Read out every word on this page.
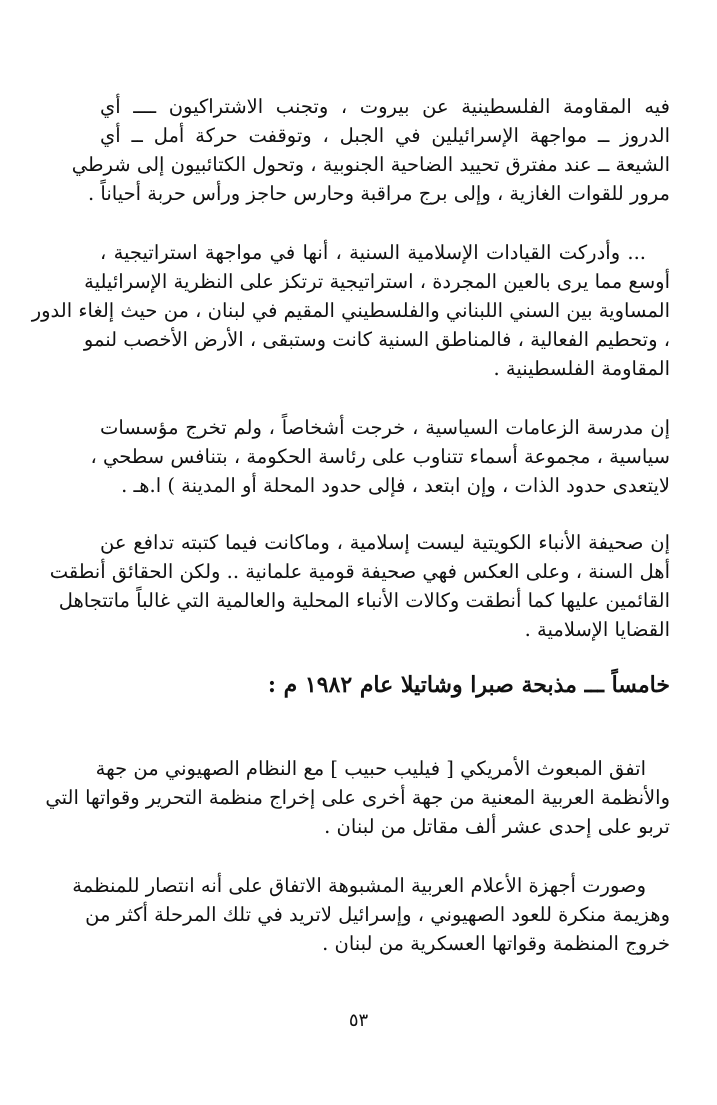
فيه المقاومة الفلسطينية عن بيروت ، وتجنب الاشتراكيون ــــ أي
الدروز ــ مواجهة الإسرائيلين في الجبل ، وتوقفت حركة أمل ــ أي
الشيعة ــ عند مفترق تحييد الضاحية الجنوبية ، وتحول الكتائبيون إلى شرطي
مرور للقوات الغازية ، وإلى برج مراقبة وحارس حاجز ورأس حربة أحياناً .
... وأدركت القيادات الإسلامية السنية ، أنها في مواجهة استراتيجية ،
أوسع مما يرى بالعين المجردة ، استراتيجية ترتكز على النظرية الإسرائيلية
المساوية بين السني اللبناني والفلسطيني المقيم في لبنان ، من حيث إلغاء الدور
، وتحطيم الفعالية ، فالمناطق السنية كانت وستبقى ، الأرض الأخصب لنمو
المقاومة الفلسطينية .
إن مدرسة الزعامات السياسية ، خرجت أشخاصاً ، ولم تخرج مؤسسات
سياسية ، مجموعة أسماء تتناوب على رئاسة الحكومة ، بتنافس سطحي ،
لايتعدى حدود الذات ، وإن ابتعد ، فإلى حدود المحلة أو المدينة ) ا.هـ .
إن صحيفة الأنباء الكويتية ليست إسلامية ، وماكانت فيما كتبته تدافع عن
أهل السنة ، وعلى العكس فهي صحيفة قومية علمانية .. ولكن الحقائق أنطقت
القائمين عليها كما أنطقت وكالات الأنباء المحلية والعالمية التي غالباً ماتتجاهل
القضايا الإسلامية .
خامساً ـــ مذبحة صبرا وشاتيلا عام ١٩٨٢ م :
اتفق المبعوث الأمريكي [ فيليب حبيب ] مع النظام الصهيوني من جهة
والأنظمة العربية المعنية من جهة أخرى على إخراج منظمة التحرير وقواتها التي
تربو على إحدى عشر ألف مقاتل من لبنان .
وصورت أجهزة الأعلام العربية المشبوهة الاتفاق على أنه انتصار للمنظمة
وهزيمة منكرة للعود الصهيوني ، وإسرائيل لاتريد في تلك المرحلة أكثر من
خروج المنظمة وقواتها العسكرية من لبنان .
٥٣
